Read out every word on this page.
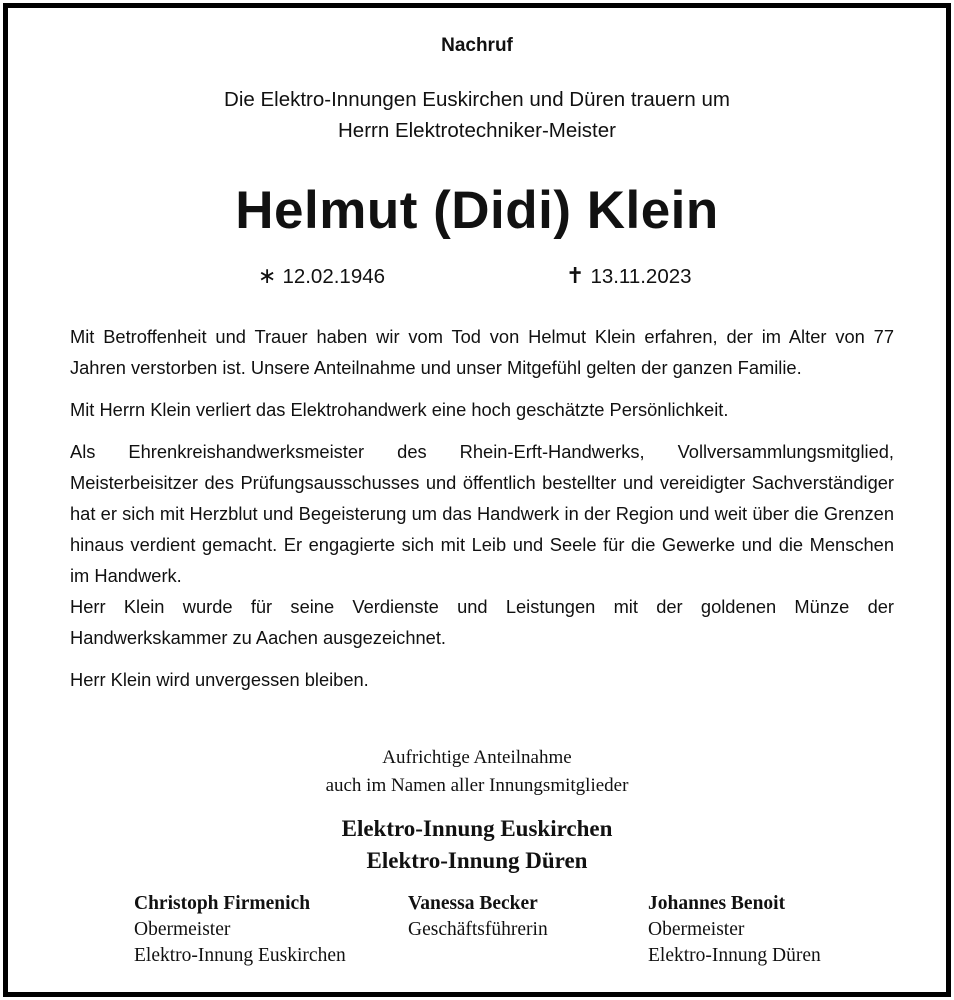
Nachruf
Die Elektro-Innungen Euskirchen und Düren trauern um
Herrn Elektrotechniker-Meister
Helmut (Didi) Klein
∗ 12.02.1946	✝ 13.11.2023

Mit Betroffenheit und Trauer haben wir vom Tod von Helmut Klein erfahren, der im Alter von 77 Jahren verstorben ist. Unsere Anteilnahme und unser Mitgefühl gelten der ganzen Familie.

Mit Herrn Klein verliert das Elektrohandwerk eine hoch geschätzte Persönlichkeit.

Als Ehrenkreishandwerksmeister des Rhein-Erft-Handwerks, Vollversammlungsmitglied, Meisterbeisitzer des Prüfungsausschusses und öffentlich bestellter und vereidigter Sachverständiger hat er sich mit Herzblut und Begeisterung um das Handwerk in der Region und weit über die Grenzen hinaus verdient gemacht. Er engagierte sich mit Leib und Seele für die Gewerke und die Menschen im Handwerk.

Herr Klein wurde für seine Verdienste und Leistungen mit der goldenen Münze der Handwerkskammer zu Aachen ausgezeichnet.

Herr Klein wird unvergessen bleiben.

Aufrichtige Anteilnahme
auch im Namen aller Innungsmitglieder
Elektro-Innung Euskirchen
Elektro-Innung Düren
Christoph Firmenich
Obermeister
Elektro-Innung Euskirchen
Vanessa Becker
Geschäftsführerin
Johannes Benoit
Obermeister
Elektro-Innung Düren
